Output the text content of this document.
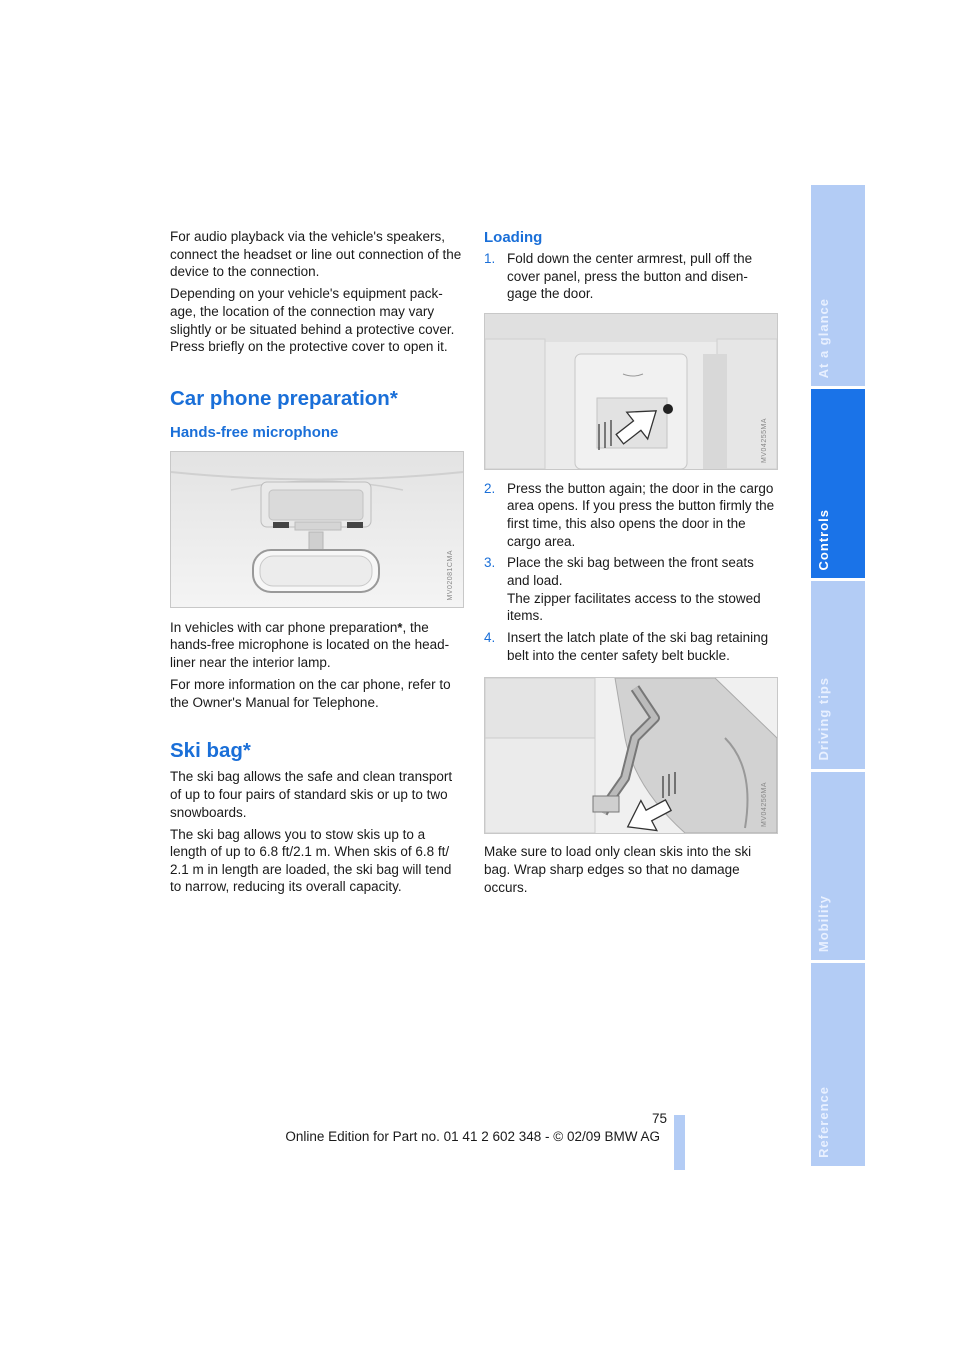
For audio playback via the vehicle's speakers, connect the headset or line out connection of the device to the connection.

Depending on your vehicle's equipment pack-age, the location of the connection may vary slightly or be situated behind a protective cover. Press briefly on the protective cover to open it.

Car phone preparation*
Hands-free microphone
MV02081CMA

In vehicles with car phone preparation*, the hands-free microphone is located on the head-liner near the interior lamp.

For more information on the car phone, refer to the Owner's Manual for Telephone.

Ski bag*

The ski bag allows the safe and clean transport of up to four pairs of standard skis or up to two snowboards.

The ski bag allows you to stow skis up to a length of up to 6.8 ft/2.1 m. When skis of 6.8 ft/ 2.1 m in length are loaded, the ski bag will tend to narrow, reducing its overall capacity.

Loading
1. Fold down the center armrest, pull off the cover panel, press the button and disen-gage the door.
MV04255MA
2. Press the button again; the door in the cargo area opens. If you press the button firmly the first time, this also opens the door in the cargo area.
3. Place the ski bag between the front seats and load.
The zipper facilitates access to the stowed items.
4. Insert the latch plate of the ski bag retaining belt into the center safety belt buckle.
MV04256MA

Make sure to load only clean skis into the ski bag. Wrap sharp edges so that no damage occurs.

At a glance
Controls
Driving tips
Mobility
Reference
75
Online Edition for Part no. 01 41 2 602 348 - © 02/09 BMW AG
